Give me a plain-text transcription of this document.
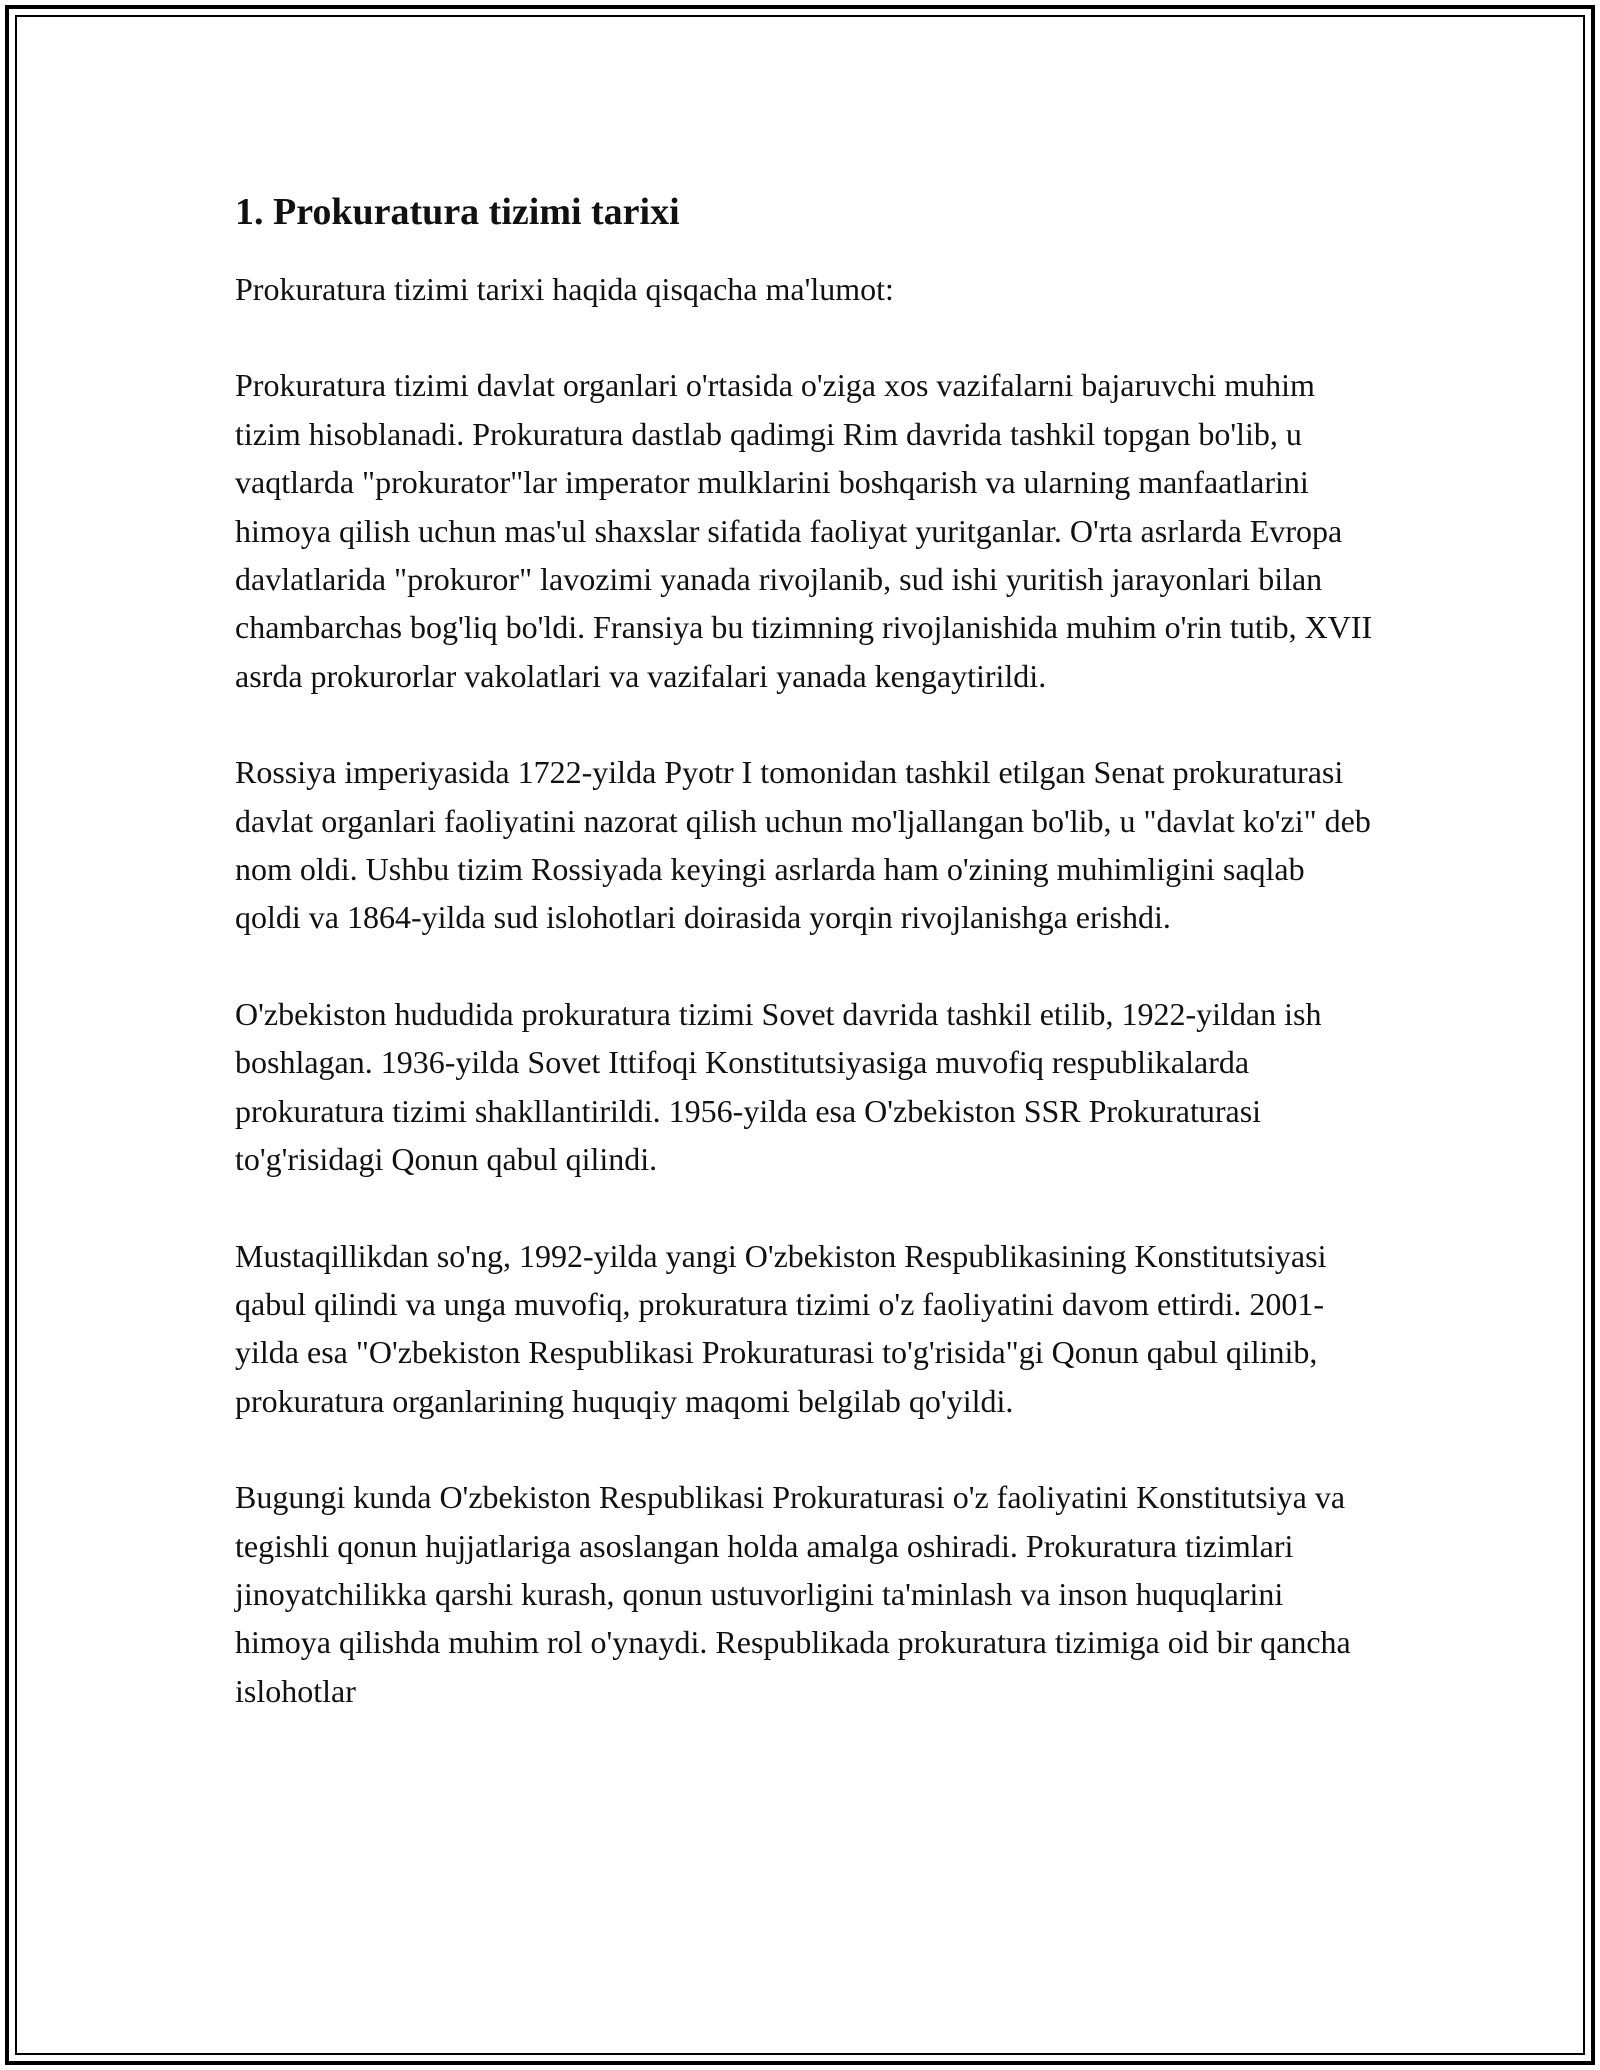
1. Prokuratura tizimi tarixi

Prokuratura tizimi tarixi haqida qisqacha ma'lumot:

Prokuratura tizimi davlat organlari o'rtasida o'ziga xos vazifalarni bajaruvchi muhim tizim hisoblanadi. Prokuratura dastlab qadimgi Rim davrida tashkil topgan bo'lib, u vaqtlarda "prokurator"lar imperator mulklarini boshqarish va ularning manfaatlarini himoya qilish uchun mas'ul shaxslar sifatida faoliyat yuritganlar. O'rta asrlarda Evropa davlatlarida "prokuror" lavozimi yanada rivojlanib, sud ishi yuritish jarayonlari bilan chambarchas bog'liq bo'ldi. Fransiya bu tizimning rivojlanishida muhim o'rin tutib, XVII asrda prokurorlar vakolatlari va vazifalari yanada kengaytirildi.

Rossiya imperiyasida 1722-yilda Pyotr I tomonidan tashkil etilgan Senat prokuraturasi davlat organlari faoliyatini nazorat qilish uchun mo'ljallangan bo'lib, u "davlat ko'zi" deb nom oldi. Ushbu tizim Rossiyada keyingi asrlarda ham o'zining muhimligini saqlab qoldi va 1864-yilda sud islohotlari doirasida yorqin rivojlanishga erishdi.

O'zbekiston hududida prokuratura tizimi Sovet davrida tashkil etilib, 1922-yildan ish boshlagan. 1936-yilda Sovet Ittifoqi Konstitutsiyasiga muvofiq respublikalarda prokuratura tizimi shakllantirildi. 1956-yilda esa O'zbekiston SSR Prokuraturasi to'g'risidagi Qonun qabul qilindi.

Mustaqillikdan so'ng, 1992-yilda yangi O'zbekiston Respublikasining Konstitutsiyasi qabul qilindi va unga muvofiq, prokuratura tizimi o'z faoliyatini davom ettirdi. 2001-yilda esa "O'zbekiston Respublikasi Prokuraturasi to'g'risida"gi Qonun qabul qilinib, prokuratura organlarining huquqiy maqomi belgilab qo'yildi.

Bugungi kunda O'zbekiston Respublikasi Prokuraturasi o'z faoliyatini Konstitutsiya va tegishli qonun hujjatlariga asoslangan holda amalga oshiradi. Prokuratura tizimlari jinoyatchilikka qarshi kurash, qonun ustuvorligini ta'minlash va inson huquqlarini himoya qilishda muhim rol o'ynaydi. Respublikada prokuratura tizimiga oid bir qancha islohotlar
